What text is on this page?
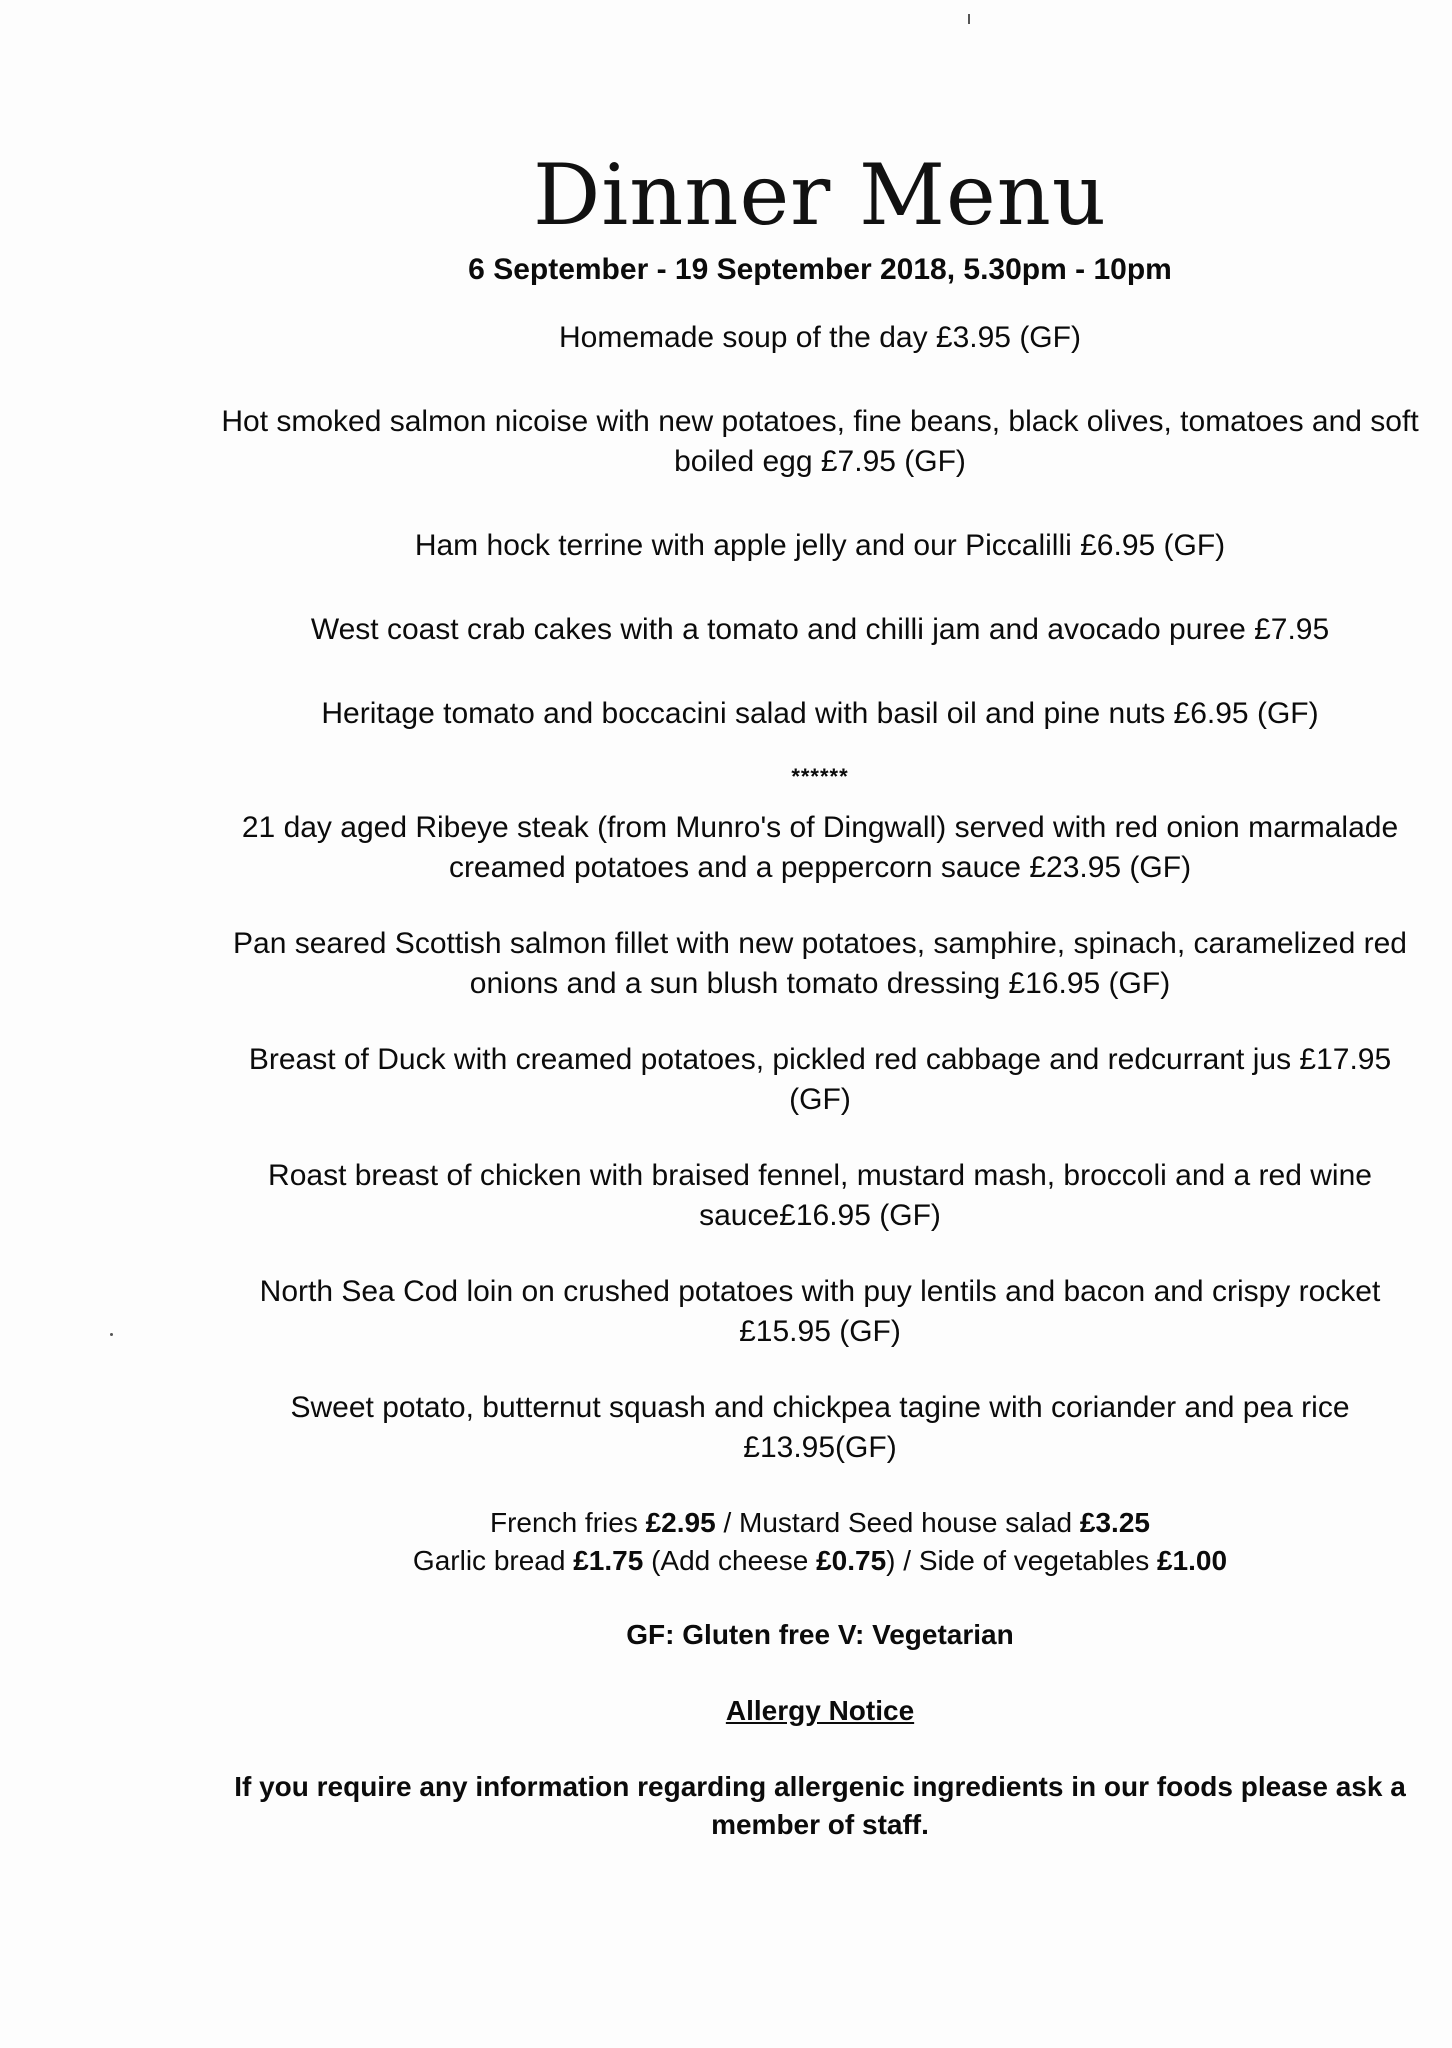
Dinner Menu

6 September - 19 September 2018, 5.30pm - 10pm

Homemade soup of the day £3.95 (GF)

Hot smoked salmon nicoise with new potatoes, fine beans, black olives, tomatoes and soft boiled egg £7.95 (GF)

Ham hock terrine with apple jelly and our Piccalilli £6.95 (GF)

West coast crab cakes with a tomato and chilli jam and avocado puree £7.95

Heritage tomato and boccacini salad with basil oil and pine nuts £6.95 (GF)

******

21 day aged Ribeye steak (from Munro's of Dingwall) served with red onion marmalade creamed potatoes and a peppercorn sauce £23.95 (GF)

Pan seared Scottish salmon fillet with new potatoes, samphire, spinach, caramelized red onions and a sun blush tomato dressing £16.95 (GF)

Breast of Duck with creamed potatoes, pickled red cabbage and redcurrant jus £17.95 (GF)

Roast breast of chicken with braised fennel, mustard mash, broccoli and a red wine sauce£16.95 (GF)

North Sea Cod loin on crushed potatoes with puy lentils and bacon and crispy rocket £15.95 (GF)

Sweet potato, butternut squash and chickpea tagine with coriander and pea rice £13.95(GF)

French fries £2.95 / Mustard Seed house salad £3.25
Garlic bread £1.75 (Add cheese £0.75) / Side of vegetables £1.00

GF: Gluten free V: Vegetarian

Allergy Notice

If you require any information regarding allergenic ingredients in our foods please ask a member of staff.
